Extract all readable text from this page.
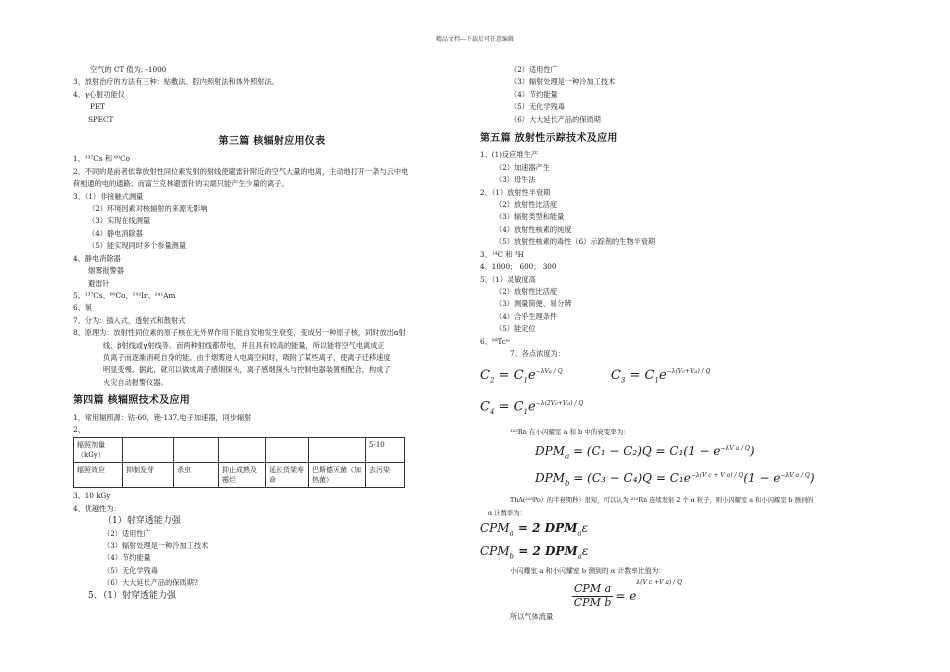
精品文档---下载后可任意编辑
空气的 CT 值为: -1000
3、放射治疗的方法有三种：贴敷法、腔内照射法和体外照射法。
4、γ心脏功能仪
PET
SPECT
第三篇 核辐射应用仪表
1、¹³⁷Cs 和 ⁶⁰Co
2、不同的是前者依靠放射性同位素发射的射线使避雷针附近的空气大量的电离，主动地打开一条与云中电
荷相通的电的通路；而富兰克林避雷针的尖端只能产生少量的离子。
3、（1）非接触式测量
（2）环境因素对核辐射的来源无影响
（3）实现在线测量
（4）静电消除器
（5）能实现同时多个参量测量
4、静电消除器
烟雾报警器
避雷针
5、¹³⁷Cs、⁶⁰Co、¹⁹²Ir、²⁴¹Am
6、氡
7、分为：插入式，透射式和散射式
8、原理为：放射性同位素的原子核在无外界作用下能自发地发生衰变，变成另一种原子核，同时放出α射
线、β射线或γ射线等。而两种射线都带电，并且具有较高的能量，所以能将空气电离成正
负离子而逐渐消耗自身的能。由于烟雾进入电离空间时，吸附了某些离子，使离子迁移速度
明显变慢。据此，就可以做成离子感烟探头，离子感烟探头与控制电器装置相配合，构成了
火灾自动报警仪器。
第四篇 核辐照技术及应用
1、常用辐照源：钴-60，铯-137,电子加速器，同步辐射
2、
辐照剂量（kGy）						5-10
辐照效应	抑制发芽	杀虫	抑止成熟及霉烂	延长货架寿命	巴斯德灭菌（加热菌）	去污染
3、10 kGy
4、优越性为：
（1）射穿透能力强
（2）适用性广
（3）辐射处理是一种冷加工技术
（4）节约能量
（5）无化学残毒
（6）大大延长产品的保质期?
5、（1）射穿透能力强
（2）适用性广
（3）辐射处理是一种冷加工技术
（4）节约能量
（5）无化学残毒
（6）大大延长产品的保质期
第五篇 放射性示踪技术及应用
1、(1)反应堆生产
（2）加速器产生
（3）母牛法
2、（1）放射性半衰期
（2）放射性比活度
（3）辐射类型和能量
（4）放射性核素的纯度
（5）放射性核素的毒性（6）示踪剂的生物半衰期
3、¹⁴C 和 ³H
4、1000； 600； 300
5、（1）灵敏度高
（2）放射性比活度
（3）测量简便、易分辨
（4）合乎生理条件
（5）能定位
6、⁹⁹Tcᵐ
7、各点浓度为：
$C_2 = C_1e^{-\lambda Va / Q}$	$C_3 = C_1e^{-\lambda(Vc+Va) / Q}$
$C_4 = C_1e^{-\lambda(2Vc+Va) / Q}$
²²²Rn 在小闪耀室 a 和 b 中的衰变率为：
$DPM_a = (C_1 - C_2)Q = C_1(1 - e^{-\lambda V a / Q})$
$DPM_b = (C_3 - C_4)Q = C_1e^{-\lambda(V c + V a) / Q}(1 - e^{-\lambda V a / Q})$
ThA(²¹⁸Po）的半衰期秒）很短，可以认为 ²²²Rn 连续发射 2 个 α 粒子，则小闪耀室 a 和小闪耀室 b 测到的
α 计数率为：
$CPM_a = 2$ $DPM_a\varepsilon$
$CPM_b = 2$ $DPM_a\varepsilon$
小闪耀室 a 和小闪耀室 b 测到的 α 计数率比值为：
$\frac{\text{CPM a}}{\text{CPM b}} = e^{\lambda(V c +V a) / Q}$
所以气体流量
